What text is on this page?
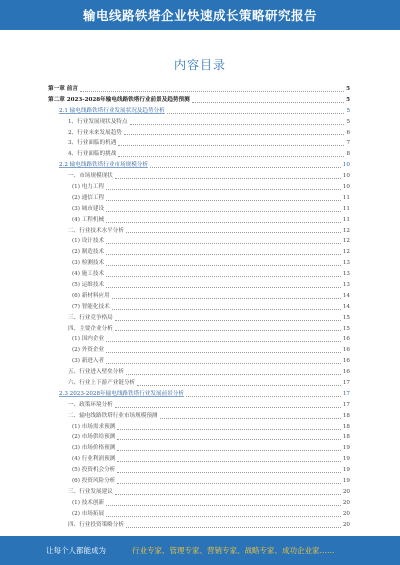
输电线路铁塔企业快速成长策略研究报告
内容目录
第一章 前言	5
第二章 2023-2028年输电线路铁塔行业前景及趋势预测	5
2.1 输电线路铁塔行业发展状况及趋势分析	5
1、行业发展现状及特点	5
2、行业未来发展趋势	6
3、行业面临的机遇	7
4、行业面临的挑战	8
2.2 输电线路铁塔行业市场规模分析	10
一、市场规模现状	10
(1) 电力工程	10
(2) 通信工程	11
(3) 城市建设	11
(4) 工程机械	11
二、行业技术水平分析	12
(1) 设计技术	12
(2) 制造技术	12
(3) 检测技术	13
(4) 施工技术	13
(5) 运维技术	13
(6) 新材料应用	14
(7) 智能化技术	14
三、行业竞争格局	15
四、主要企业分析	15
(1) 国内企业	16
(2) 外资企业	16
(3) 新进入者	16
五、行业进入壁垒分析	16
六、行业上下游产业链分析	17
2.3 2023-2028年输电线路铁塔行业发展前景分析	17
一、政策环境分析	17
二、输电线路铁塔行业市场规模预测	18
(1) 市场需求预测	18
(2) 市场供给预测	18
(3) 市场价格预测	19
(4) 行业利润预测	19
(5) 投资机会分析	19
(6) 投资风险分析	19
三、行业发展建议	20
(1) 技术创新	20
(2) 市场拓展	20
四、行业投资策略分析	20
让每个人都能成为	行业专家、管理专家、营销专家、战略专家、成功企业家……
